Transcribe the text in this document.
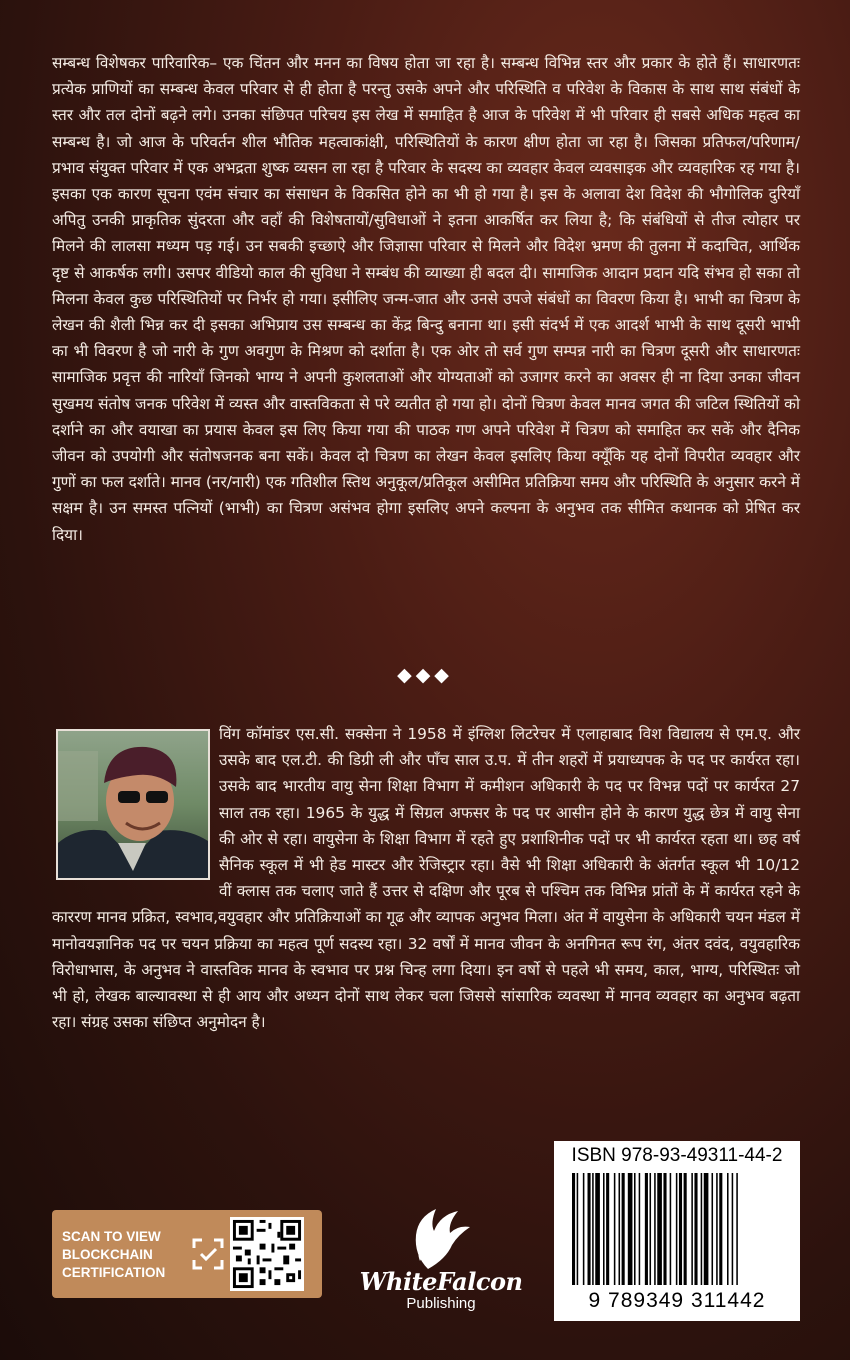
सम्बन्ध विशेषकर पारिवारिक– एक चिंतन और मनन का विषय होता जा रहा है। सम्बन्ध विभिन्न स्तर और प्रकार के होते हैं। साधारणतः प्रत्येक प्राणियों का सम्बन्ध केवल परिवार से ही होता है परन्तु उसके अपने और परिस्थिति व परिवेश के विकास के साथ साथ संबंधों के स्तर और तल दोनों बढ़ने लगे। उनका संछिपत परिचय इस लेख में समाहित है आज के परिवेश में भी परिवार ही सबसे अधिक महत्व का सम्बन्ध है। जो आज के परिवर्तन शील भौतिक महत्वाकांक्षी, परिस्थितियों के कारण क्षीण होता जा रहा है। जिसका प्रतिफल/परिणाम/प्रभाव संयुक्त परिवार में एक अभद्रता शुष्क व्यसन ला रहा है परिवार के सदस्य का व्यवहार केवल व्यवसाइक और व्यवहारिक रह गया है। इसका एक कारण सूचना एवंम संचार का संसाधन के विकसित होने का भी हो गया है। इस के अलावा देश विदेश की भौगोलिक दुरियाँ अपितु उनकी प्राकृतिक सुंदरता और वहाँ की विशेषतायों/सुविधाओं ने इतना आकर्षित कर लिया है; कि संबंधियों से तीज त्योहार पर मिलने की लालसा मध्यम पड़ गई। उन सबकी इच्छाऐ और जिज्ञासा परिवार से मिलने और विदेश भ्रमण की तुलना में कदाचित, आर्थिक दृष्ट से आकर्षक लगी। उसपर वीडियो काल की सुविधा ने सम्बंध की व्याख्या ही बदल दी। सामाजिक आदान प्रदान यदि संभव हो सका तो मिलना केवल कुछ परिस्थितियों पर निर्भर हो गया। इसीलिए जन्म-जात और उनसे उपजे संबंधों का विवरण किया है। भाभी का चित्रण के लेखन की शैली भिन्न कर दी इसका अभिप्राय उस सम्बन्ध का केंद्र बिन्दु बनाना था। इसी संदर्भ में एक आदर्श भाभी के साथ दूसरी भाभी का भी विवरण है जो नारी के गुण अवगुण के मिश्रण को दर्शाता है। एक ओर तो सर्व गुण सम्पन्न नारी का चित्रण दूसरी और साधारणतः सामाजिक प्रवृत्त की नारियाँ जिनको भाग्य ने अपनी कुशलताओं और योग्यताओं को उजागर करने का अवसर ही ना दिया उनका जीवन सुखमय संतोष जनक परिवेश में व्यस्त और वास्तविकता से परे व्यतीत हो गया हो। दोनों चित्रण केवल मानव जगत की जटिल स्थितियों को दर्शाने का और वयाखा का प्रयास केवल इस लिए किया गया की पाठक गण अपने परिवेश में चित्रण को समाहित कर सकें और दैनिक जीवन को उपयोगी और संतोषजनक बना सकें। केवल दो चित्रण का लेखन केवल इसलिए किया क्यूँकि यह दोनों विपरीत व्यवहार और गुणों का फल दर्शाते। मानव (नर/नारी) एक गतिशील स्तिथ अनुकूल/प्रतिकूल असीमित प्रतिक्रिया समय और परिस्थिति के अनुसार करने में सक्षम है। उन समस्त पत्नियों (भाभी) का चित्रण असंभव होगा इसलिए अपने कल्पना के अनुभव तक सीमित कथानक को प्रेषित कर दिया।

◆◆◆

विंग कॉमांडर एस.सी. सक्सेना ने 1958 में इंग्लिश लिटरेचर में एलाहाबाद विश विद्यालय से एम.ए. और उसके बाद एल.टी. की डिग्री ली और पाँच साल उ.प. में तीन शहरों में प्रयाध्यपक के पद पर कार्यरत रहा। उसके बाद भारतीय वायु सेना शिक्षा विभाग में कमीशन अधिकारी के पद पर विभन्न पदों पर कार्यरत 27 साल तक रहा। 1965 के युद्ध में सिग्रल अफसर के पद पर आसीन होने के कारण युद्ध छेत्र में वायु सेना की ओर से रहा। वायुसेना के शिक्षा विभाग में रहते हुए प्रशाशिनीक पदों पर भी कार्यरत रहता था। छह वर्ष सैनिक स्कूल में भी हेड मास्टर और रेजिस्ट्रार रहा। वैसे भी शिक्षा अधिकारी के अंतर्गत स्कूल भी 10/12 वीं क्लास तक चलाए जाते हैं उत्तर से दक्षिण और पूरब से पश्चिम तक विभिन्न प्रांतों के में कार्यरत रहने के काररण मानव प्रक्रित, स्वभाव,वयुवहार और प्रतिक्रियाओं का गूढ और व्यापक अनुभव मिला। अंत में वायुसेना के अधिकारी चयन मंडल में मानोवयज्ञानिक पद पर चयन प्रक्रिया का महत्व पूर्ण सदस्य रहा। 32 वर्षों में मानव जीवन के अनगिनत रूप रंग, अंतर दवंद, वयुवहारिक विरोधाभास, के अनुभव ने वास्तविक मानव के स्वभाव पर प्रश्न चिन्ह लगा दिया। इन वर्षो से पहले भी समय, काल, भाग्य, परिस्थितः जो भी हो, लेखक बाल्यावस्था से ही आय और अध्यन दोनों साथ लेकर चला जिससे सांसारिक व्यवस्था में मानव व्यवहार का अनुभव बढ़ता रहा। संग्रह उसका संछिप्त अनुमोदन है।

SCAN TO VIEW
BLOCKCHAIN
CERTIFICATION	WhiteFalcon
Publishing
ISBN 978-93-49311-44-2
9 789349 311442
